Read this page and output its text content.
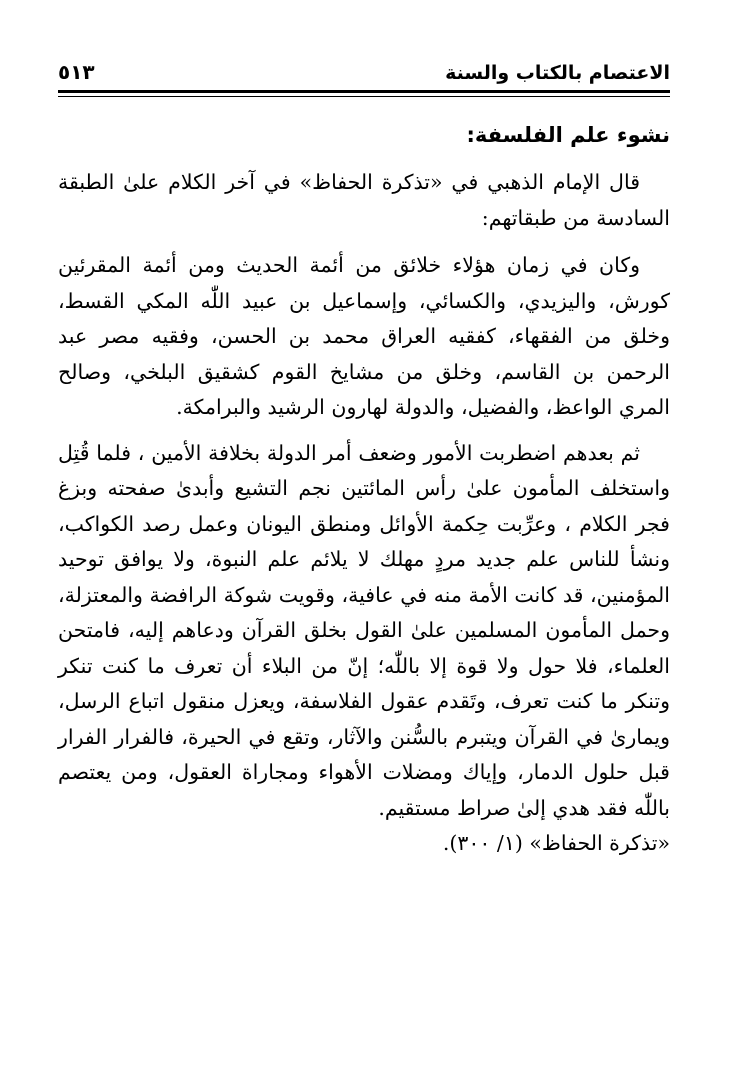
الاعتصام بالكتاب والسنة
٥١٣
نشوء علم الفلسفة:

قال الإمام الذهبي في «تذكرة الحفاظ» في آخر الكلام علىٰ الطبقة السادسة من طبقاتهم:

وكان في زمان هؤلاء خلائق من أئمة الحديث ومن أئمة المقرئين كورش، واليزيدي، والكسائي، وإسماعيل بن عبيد اللّٰه المكي القسط، وخلق من الفقهاء، كفقيه العراق محمد بن الحسن، وفقيه مصر عبد الرحمن بن القاسم، وخلق من مشايخ القوم كشقيق البلخي، وصالح المري الواعظ، والفضيل، والدولة لهارون الرشيد والبرامكة.

ثم بعدهم اضطربت الأمور وضعف أمر الدولة بخلافة الأمين ، فلما قُتِل واستخلف المأمون علىٰ رأس المائتين نجم التشيع وأبدىٰ صفحته وبزغ فجر الكلام ، وعرِّبت حِكمة الأوائل ومنطق اليونان وعمل رصد الكواكب، ونشأ للناس علم جديد مردٍ مهلك لا يلائم علم النبوة، ولا يوافق توحيد المؤمنين، قد كانت الأمة منه في عافية، وقويت شوكة الرافضة والمعتزلة، وحمل المأمون المسلمين علىٰ القول بخلق القرآن ودعاهم إليه، فامتحن العلماء، فلا حول ولا قوة إلا باللّٰه؛ إنّ من البلاء أن تعرف ما كنت تنكر وتنكر ما كنت تعرف، وتَقدم عقول الفلاسفة، ويعزل منقول اتباع الرسل، ويمارىٰ في القرآن ويتبرم بالسُّنن والآثار، وتقع في الحيرة، فالفرار الفرار قبل حلول الدمار، وإياك ومضلات الأهواء ومجاراة العقول، ومن يعتصم باللّٰه فقد هدي إلىٰ صراط مستقيم.

«تذكرة الحفاظ» (١/ ٣٠٠).
